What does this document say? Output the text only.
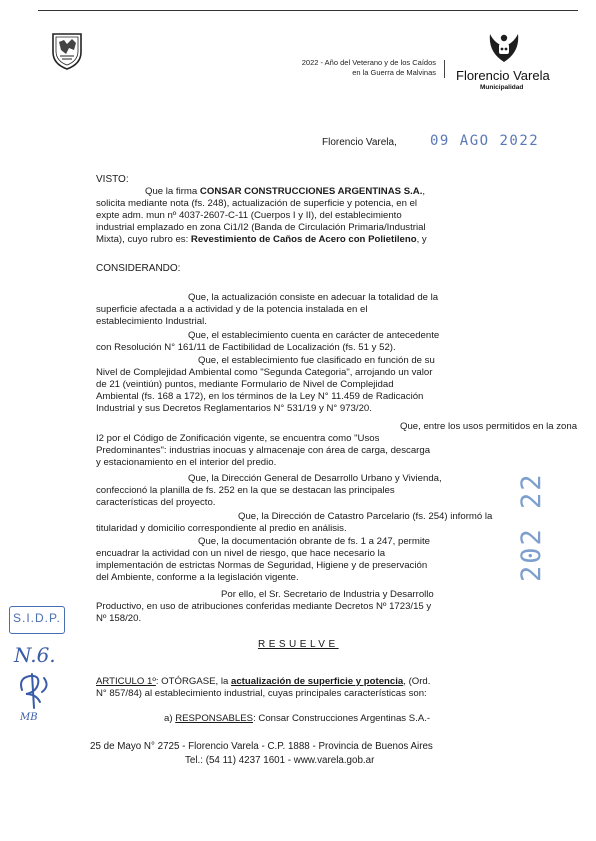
2022 - Año del Veterano y de los Caídos
en la Guerra de Malvinas Florencio Varela
Municipalidad
Florencio Varela, 09 AGO 2022
VISTO:
Que la firma CONSAR CONSTRUCCIONES ARGENTINAS S.A.,
solicita mediante nota (fs. 248), actualización de superficie y potencia, en el
expte adm. mun nº 4037-2607-C-11 (Cuerpos I y II), del establecimiento
industrial emplazado en zona Ci1/I2 (Banda de Circulación Primaria/Industrial
Mixta), cuyo rubro es: Revestimiento de Caños de Acero con Polietileno, y
CONSIDERANDO:
Que, la actualización consiste en adecuar la totalidad de la
superficie afectada a a actividad y de la potencia instalada en el
establecimiento Industrial.
Que, el establecimiento cuenta en carácter de antecedente
con Resolución N° 161/11 de Factibilidad de Localización (fs. 51 y 52).
Que, el establecimiento fue clasificado en función de su
Nivel de Complejidad Ambiental como "Segunda Categoria", arrojando un valor
de 21 (veintiún) puntos, mediante Formulario de Nivel de Complejidad
Ambiental (fs. 168 a 172), en los términos de la Ley N° 11.459 de Radicación
Industrial y sus Decretos Reglamentarios N° 531/19 y N° 973/20.
Que, entre los usos permitidos en la zona
I2 por el Código de Zonificación vigente, se encuentra como "Usos
Predominantes": industrias inocuas y almacenaje con área de carga, descarga
y estacionamiento en el interior del predio.
Que, la Dirección General de Desarrollo Urbano y Vivienda,
confeccionó la planilla de fs. 252 en la que se destacan las principales
características del proyecto.
Que, la Dirección de Catastro Parcelario (fs. 254) informó la
titularidad y domicilio correspondiente al predio en análisis.
Que, la documentación obrante de fs. 1 a 247, permite
encuadrar la actividad con un nivel de riesgo, que hace necesario la
implementación de estrictas Normas de Seguridad, Higiene y de preservación
del Ambiente, conforme a la legislación vigente.
Por ello, el Sr. Secretario de Industria y Desarrollo
Productivo, en uso de atribuciones conferidas mediante Decretos Nº 1723/15 y
Nº 158/20.
RESUELVE
ARTICULO 1º: OTÓRGASE, la actualización de superficie y potencia, (Ord.
N° 857/84) al establecimiento industrial, cuyas principales características son:
a) RESPONSABLES: Consar Construcciones Argentinas S.A.-
202 22
S.I.D.P.
N.6.
MB
25 de Mayo N° 2725 - Florencio Varela - C.P. 1888 - Provincia de Buenos Aires
Tel.: (54 11) 4237 1601 - www.varela.gob.ar
